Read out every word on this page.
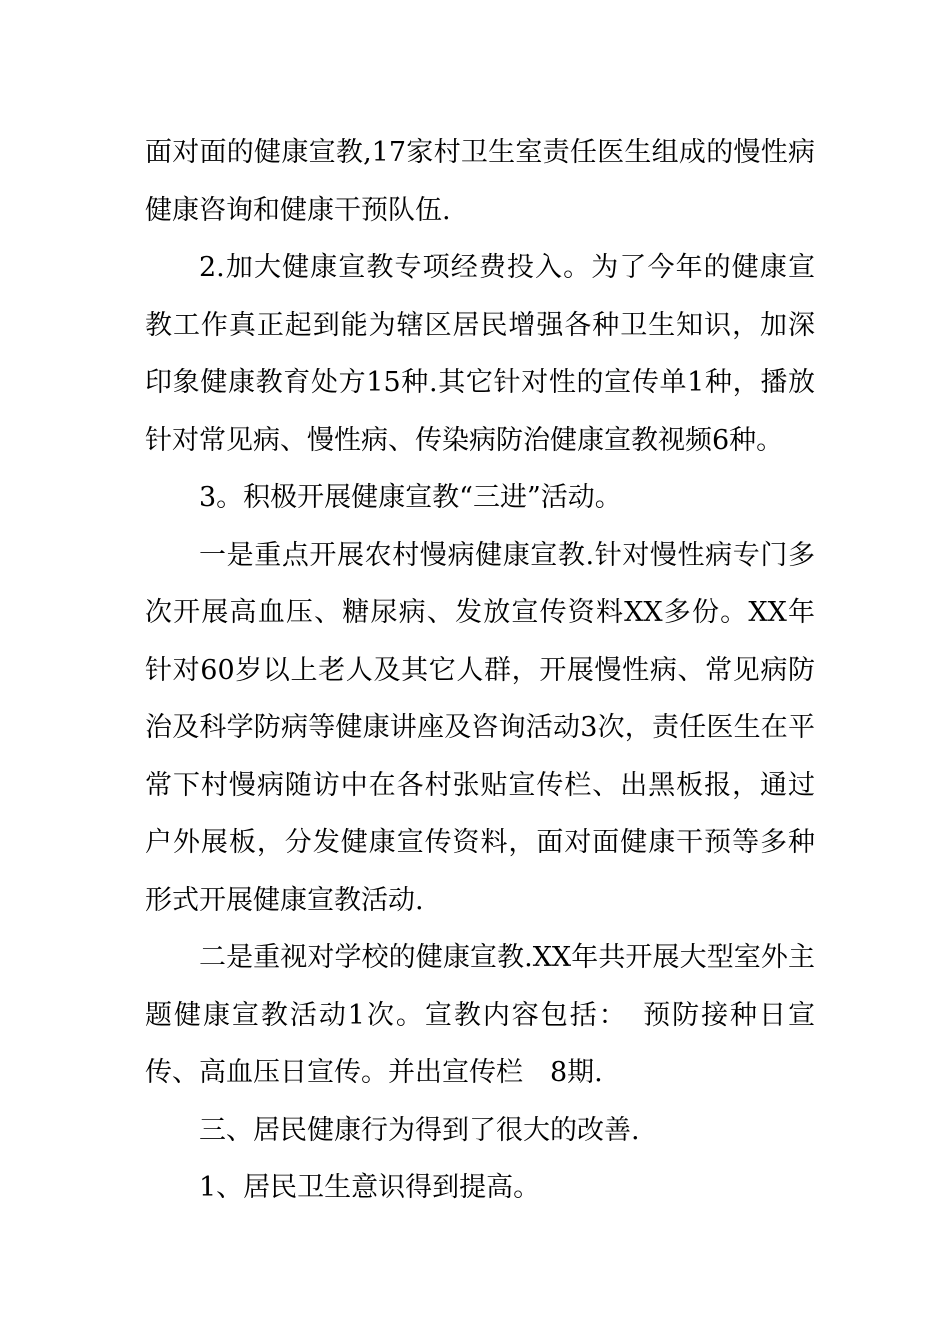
面对面的健康宣教,17家村卫生室责任医生组成的慢性病健康咨询和健康干预队伍.

2.加大健康宣教专项经费投入。为了今年的健康宣教工作真正起到能为辖区居民增强各种卫生知识，加深印象健康教育处方15种.其它针对性的宣传单1种，播放针对常见病、慢性病、传染病防治健康宣教视频6种。

3。积极开展健康宣教“三进”活动。

一是重点开展农村慢病健康宣教.针对慢性病专门多次开展高血压、糖尿病、发放宣传资料XX多份。XX年针对60岁以上老人及其它人群，开展慢性病、常见病防治及科学防病等健康讲座及咨询活动3次，责任医生在平常下村慢病随访中在各村张贴宣传栏、出黑板报，通过户外展板，分发健康宣传资料，面对面健康干预等多种形式开展健康宣教活动.

二是重视对学校的健康宣教.XX年共开展大型室外主题健康宣教活动1次。宣教内容包括：　预防接种日宣传、高血压日宣传。并出宣传栏　8期.

三、居民健康行为得到了很大的改善.

1、居民卫生意识得到提高。
